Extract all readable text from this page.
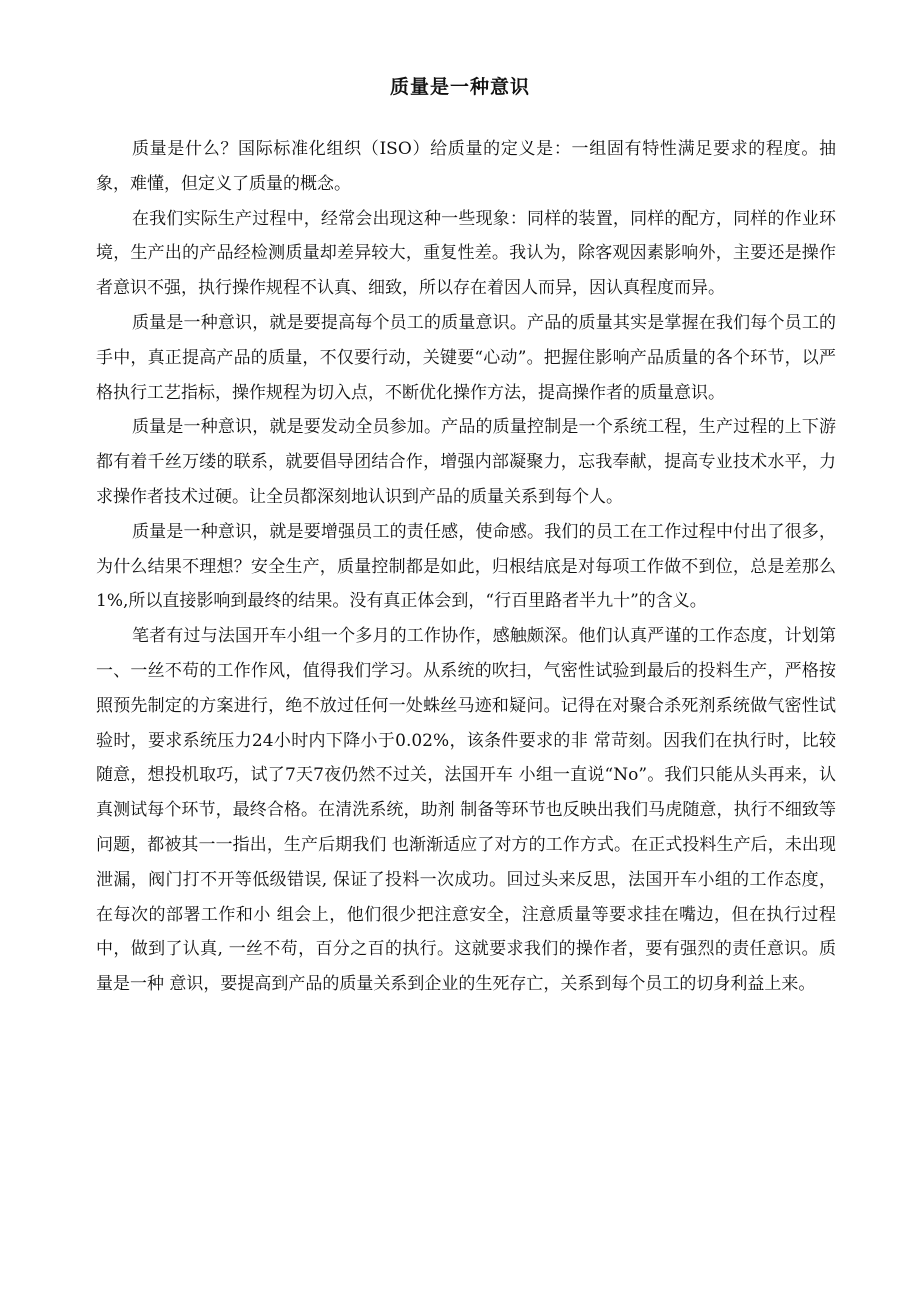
质量是一种意识

质量是什么？国际标准化组织（ISO）给质量的定义是：一组固有特性满足要求的程度。抽象，难懂，但定义了质量的概念。

在我们实际生产过程中，经常会出现这种一些现象：同样的装置，同样的配方，同样的作业环境，生产出的产品经检测质量却差异较大，重复性差。我认为，除客观因素影响外，主要还是操作者意识不强，执行操作规程不认真、细致，所以存在着因人而异，因认真程度而异。

质量是一种意识，就是要提高每个员工的质量意识。产品的质量其实是掌握在我们每个员工的手中，真正提高产品的质量，不仅要行动，关键要“心动”。把握住影响产品质量的各个环节，以严格执行工艺指标，操作规程为切入点，不断优化操作方法，提高操作者的质量意识。

质量是一种意识，就是要发动全员参加。产品的质量控制是一个系统工程，生产过程的上下游都有着千丝万缕的联系，就要倡导团结合作，增强内部凝聚力，忘我奉献，提高专业技术水平，力求操作者技术过硬。让全员都深刻地认识到产品的质量关系到每个人。

质量是一种意识，就是要增强员工的责任感，使命感。我们的员工在工作过程中付出了很多，为什么结果不理想？安全生产，质量控制都是如此，归根结底是对每项工作做不到位，总是差那么1%,所以直接影响到最终的结果。没有真正体会到，“行百里路者半九十”的含义。

笔者有过与法国开车小组一个多月的工作协作，感触颇深。他们认真严谨的工作态度，计划第一、一丝不苟的工作作风，值得我们学习。从系统的吹扫，气密性试验到最后的投料生产，严格按照预先制定的方案进行，绝不放过任何一处蛛丝马迹和疑问。记得在对聚合杀死剂系统做气密性试验时，要求系统压力24小时内下降小于0.02%，该条件要求的非 常苛刻。因我们在执行时，比较随意，想投机取巧，试了7天7夜仍然不过关，法国开车 小组一直说“No”。我们只能从头再来，认真测试每个环节，最终合格。在清洗系统，助剂 制备等环节也反映出我们马虎随意，执行不细致等问题，都被其一一指出，生产后期我们 也渐渐适应了对方的工作方式。在正式投料生产后，未出现泄漏，阀门打不开等低级错误, 保证了投料一次成功。回过头来反思，法国开车小组的工作态度，在每次的部署工作和小 组会上，他们很少把注意安全，注意质量等要求挂在嘴边，但在执行过程中，做到了认真, 一丝不苟，百分之百的执行。这就要求我们的操作者，要有强烈的责任意识。质量是一种 意识，要提高到产品的质量关系到企业的生死存亡，关系到每个员工的切身利益上来。
